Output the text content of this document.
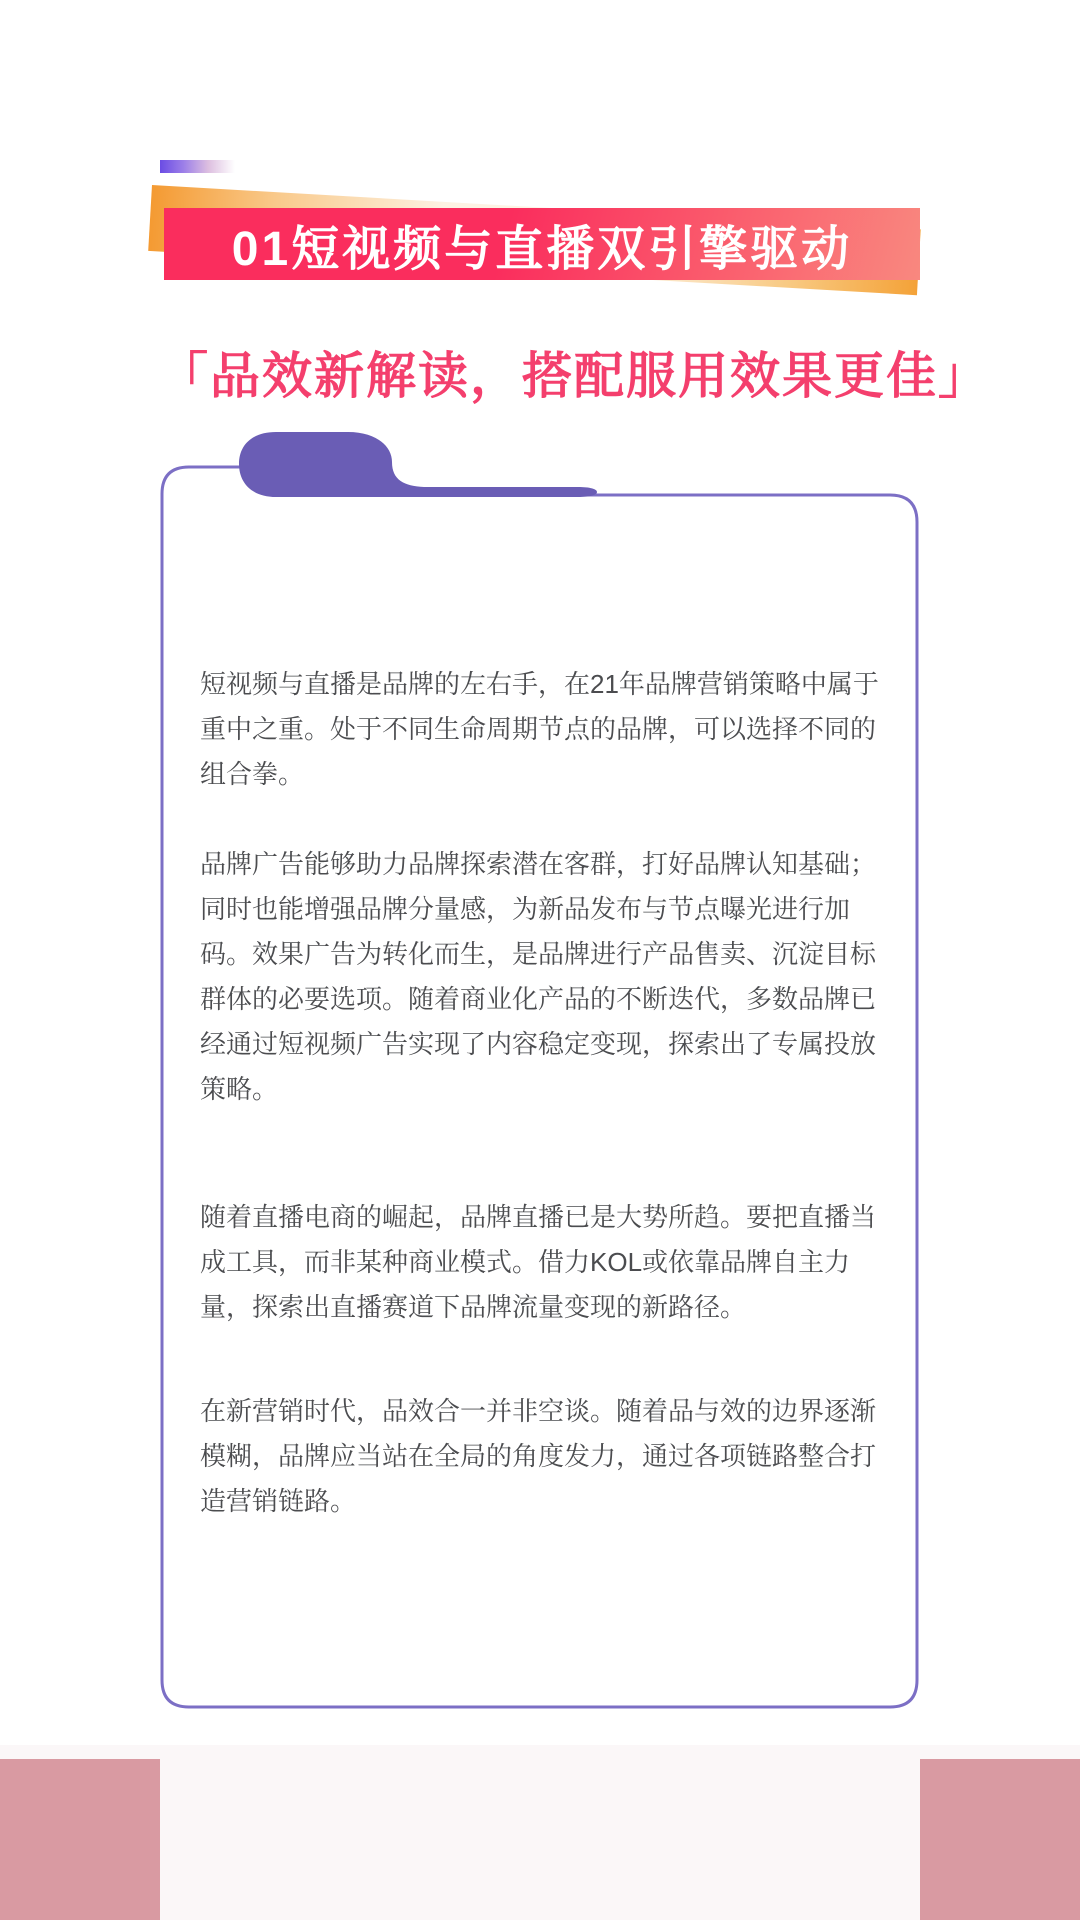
01短视频与直播双引擎驱动
「品效新解读，搭配服用效果更佳」
短视频与直播是品牌的左右手，在21年品牌营销策略中属于
重中之重。处于不同生命周期节点的品牌，可以选择不同的
组合拳。
品牌广告能够助力品牌探索潜在客群，打好品牌认知基础；
同时也能增强品牌分量感，为新品发布与节点曝光进行加
码。效果广告为转化而生，是品牌进行产品售卖、沉淀目标
群体的必要选项。随着商业化产品的不断迭代，多数品牌已
经通过短视频广告实现了内容稳定变现，探索出了专属投放
策略。
随着直播电商的崛起，品牌直播已是大势所趋。要把直播当
成工具，而非某种商业模式。借力KOL或依靠品牌自主力
量，探索出直播赛道下品牌流量变现的新路径。
在新营销时代，品效合一并非空谈。随着品与效的边界逐渐
模糊，品牌应当站在全局的角度发力，通过各项链路整合打
造营销链路。
